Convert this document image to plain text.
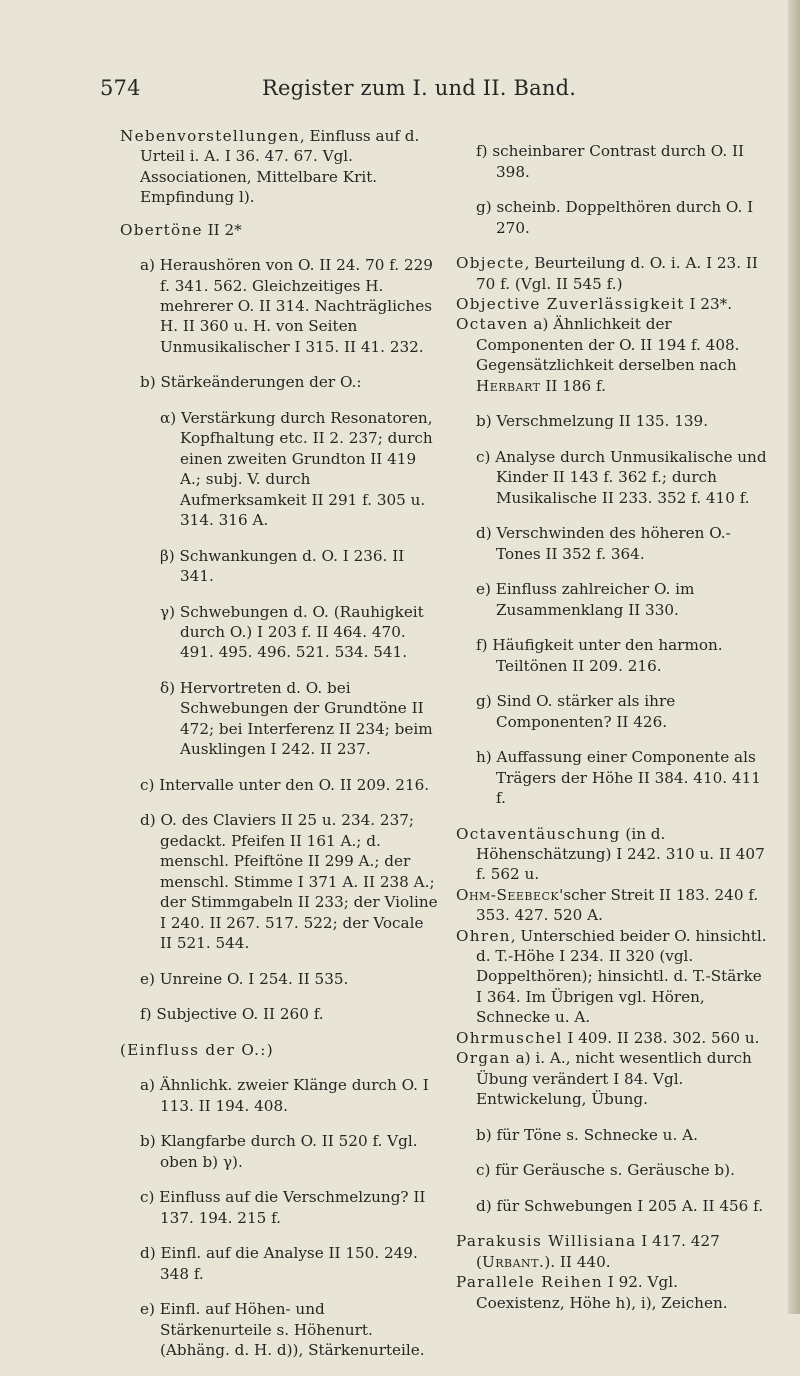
574	Register zum I. und II. Band.

Nebenvorstellungen, Einfluss auf d. Urteil i. A. I 36. 47. 67. Vgl. Associationen, Mittelbare Krit. Empfindung l).

Obertöne II 2*

a) Heraushören von O. II 24. 70 f. 229 f. 341. 562. Gleichzeitiges H. mehrerer O. II 314. Nachträgliches H. II 360 u. H. von Seiten Unmusikalischer I 315. II 41. 232.

b) Stärkeänderungen der O.:

α) Verstärkung durch Resonatoren, Kopfhaltung etc. II 2. 237; durch einen zweiten Grundton II 419 A.; subj. V. durch Aufmerksamkeit II 291 f. 305 u. 314. 316 A.

β) Schwankungen d. O. I 236. II 341.

γ) Schwebungen d. O. (Rauhigkeit durch O.) I 203 f. II 464. 470. 491. 495. 496. 521. 534. 541.

δ) Hervortreten d. O. bei Schwebungen der Grundtöne II 472; bei Interferenz II 234; beim Ausklingen I 242. II 237.

c) Intervalle unter den O. II 209. 216.

d) O. des Claviers II 25 u. 234. 237; gedackt. Pfeifen II 161 A.; d. menschl. Pfeiftöne II 299 A.; der menschl. Stimme I 371 A. II 238 A.; der Stimmgabeln II 233; der Violine I 240. II 267. 517. 522; der Vocale II 521. 544.

e) Unreine O. I 254. II 535.

f) Subjective O. II 260 f.

(Einfluss der O.:)

a) Ähnlichk. zweier Klänge durch O. I 113. II 194. 408.

b) Klangfarbe durch O. II 520 f. Vgl. oben b) γ).

c) Einfluss auf die Verschmelzung? II 137. 194. 215 f.

d) Einfl. auf die Analyse II 150. 249. 348 f.

e) Einfl. auf Höhen- und Stärkenurteile s. Höhenurt. (Abhäng. d. H. d)), Stärkenurteile.

f) scheinbarer Contrast durch O. II 398.

g) scheinb. Doppelthören durch O. I 270.

Objecte, Beurteilung d. O. i. A. I 23. II 70 f. (Vgl. II 545 f.)

Objective Zuverlässigkeit I 23*.

Octaven a) Ähnlichkeit der Componenten der O. II 194 f. 408. Gegensätzlichkeit derselben nach Herbart II 186 f.

b) Verschmelzung II 135. 139.

c) Analyse durch Unmusikalische und Kinder II 143 f. 362 f.; durch Musikalische II 233. 352 f. 410 f.

d) Verschwinden des höheren O.-Tones II 352 f. 364.

e) Einfluss zahlreicher O. im Zusammenklang II 330.

f) Häufigkeit unter den harmon. Teiltönen II 209. 216.

g) Sind O. stärker als ihre Componenten? II 426.

h) Auffassung einer Componente als Trägers der Höhe II 384. 410. 411 f.

Octaventäuschung (in d. Höhenschätzung) I 242. 310 u. II 407 f. 562 u.

Ohm-Seebeck'scher Streit II 183. 240 f. 353. 427. 520 A.

Ohren, Unterschied beider O. hinsichtl. d. T.-Höhe I 234. II 320 (vgl. Doppelthören); hinsichtl. d. T.-Stärke I 364. Im Übrigen vgl. Hören, Schnecke u. A.

Ohrmuschel I 409. II 238. 302. 560 u.

Organ a) i. A., nicht wesentlich durch Übung verändert I 84. Vgl. Entwickelung, Übung.

b) für Töne s. Schnecke u. A.

c) für Geräusche s. Geräusche b).

d) für Schwebungen I 205 A. II 456 f.

Parakusis Willisiana I 417. 427 (Urbant.). II 440.

Parallele Reihen I 92. Vgl. Coexistenz, Höhe h), i), Zeichen.
